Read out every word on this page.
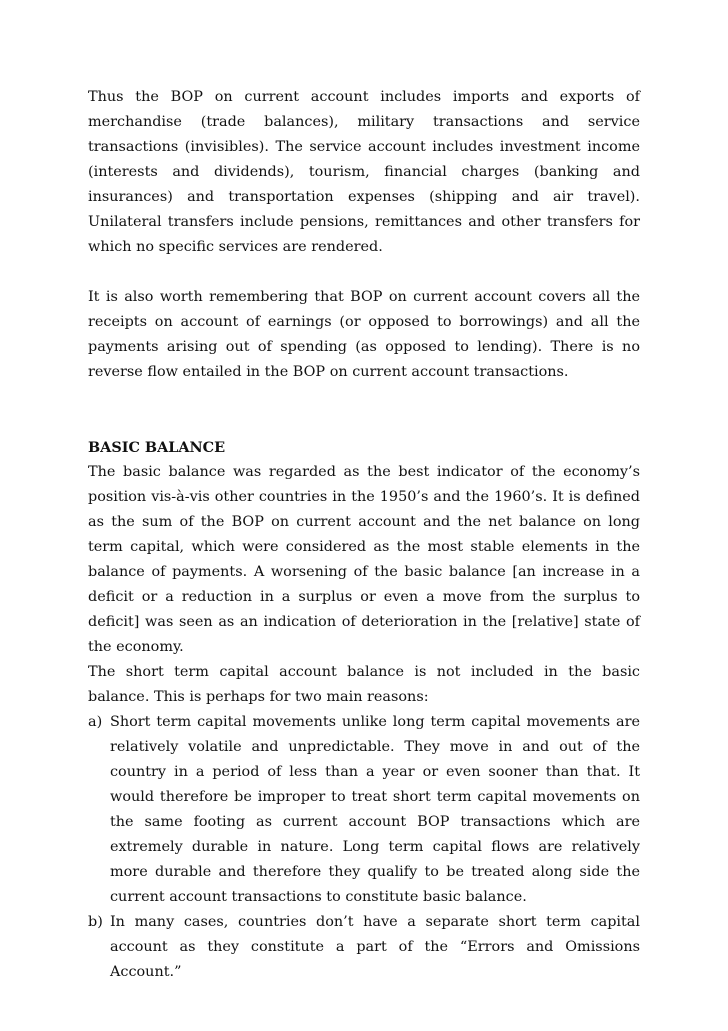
Thus the BOP on current account includes imports and exports of merchandise (trade balances), military transactions and service transactions (invisibles). The service account includes investment income (interests and dividends), tourism, financial charges (banking and insurances) and transportation expenses (shipping and air travel). Unilateral transfers include pensions, remittances and other transfers for which no specific services are rendered.

It is also worth remembering that BOP on current account covers all the receipts on account of earnings (or opposed to borrowings) and all the payments arising out of spending (as opposed to lending). There is no reverse flow entailed in the BOP on current account transactions.

BASIC BALANCE

The basic balance was regarded as the best indicator of the economy’s position vis-à-vis other countries in the 1950’s and the 1960’s. It is defined as the sum of the BOP on current account and the net balance on long term capital, which were considered as the most stable elements in the balance of payments. A worsening of the basic balance [an increase in a deficit or a reduction in a surplus or even a move from the surplus to deficit] was seen as an indication of deterioration in the [relative] state of the economy.

The short term capital account balance is not included in the basic balance. This is perhaps for two main reasons:

a) Short term capital movements unlike long term capital movements are relatively volatile and unpredictable. They move in and out of the country in a period of less than a year or even sooner than that. It would therefore be improper to treat short term capital movements on the same footing as current account BOP transactions which are extremely durable in nature. Long term capital flows are relatively more durable and therefore they qualify to be treated along side the current account transactions to constitute basic balance.
b) In many cases, countries don’t have a separate short term capital account as they constitute a part of the “Errors and Omissions Account.”
